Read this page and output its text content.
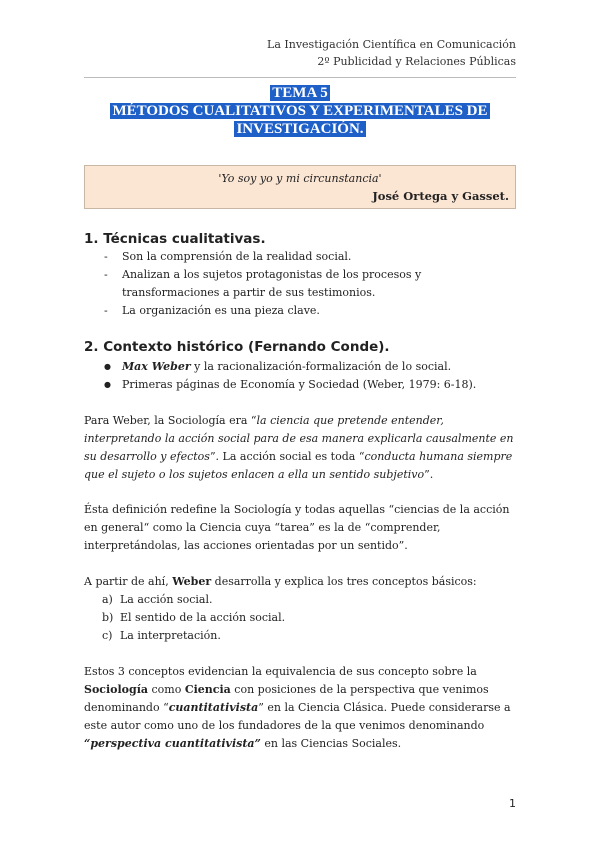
La Investigación Científica en Comunicación
2º Publicidad y Relaciones Públicas
TEMA 5
MÉTODOS CUALITATIVOS Y EXPERIMENTALES DE
INVESTIGACIÓN.
'Yo soy yo y mi circunstancia'
José Ortega y Gasset.
1. Técnicas cualitativas.
- Son la comprensión de la realidad social.
- Analizan a los sujetos protagonistas de los procesos y transformaciones a partir de sus testimonios.
- La organización es una pieza clave.
2. Contexto histórico (Fernando Conde).
● Max Weber y la racionalización-formalización de lo social.
● Primeras páginas de Economía y Sociedad (Weber, 1979: 6-18).
Para Weber, la Sociología era “la ciencia que pretende entender, interpretando la acción social para de esa manera explicarla causalmente en su desarrollo y efectos”. La acción social es toda “conducta humana siempre que el sujeto o los sujetos enlacen a ella un sentido subjetivo”.
Ésta definición redefine la Sociología y todas aquellas “ciencias de la acción en general“ como la Ciencia cuya “tarea” es la de “comprender, interpretándolas, las acciones orientadas por un sentido”.
A partir de ahí, Weber desarrolla y explica los tres conceptos básicos:
a) La acción social.
b) El sentido de la acción social.
c) La interpretación.
Estos 3 conceptos evidencian la equivalencia de sus concepto sobre la Sociología como Ciencia con posiciones de la perspectiva que venimos denominando “cuantitativista” en la Ciencia Clásica. Puede considerarse a este autor como uno de los fundadores de la que venimos denominando “perspectiva cuantitativista” en las Ciencias Sociales.
1
